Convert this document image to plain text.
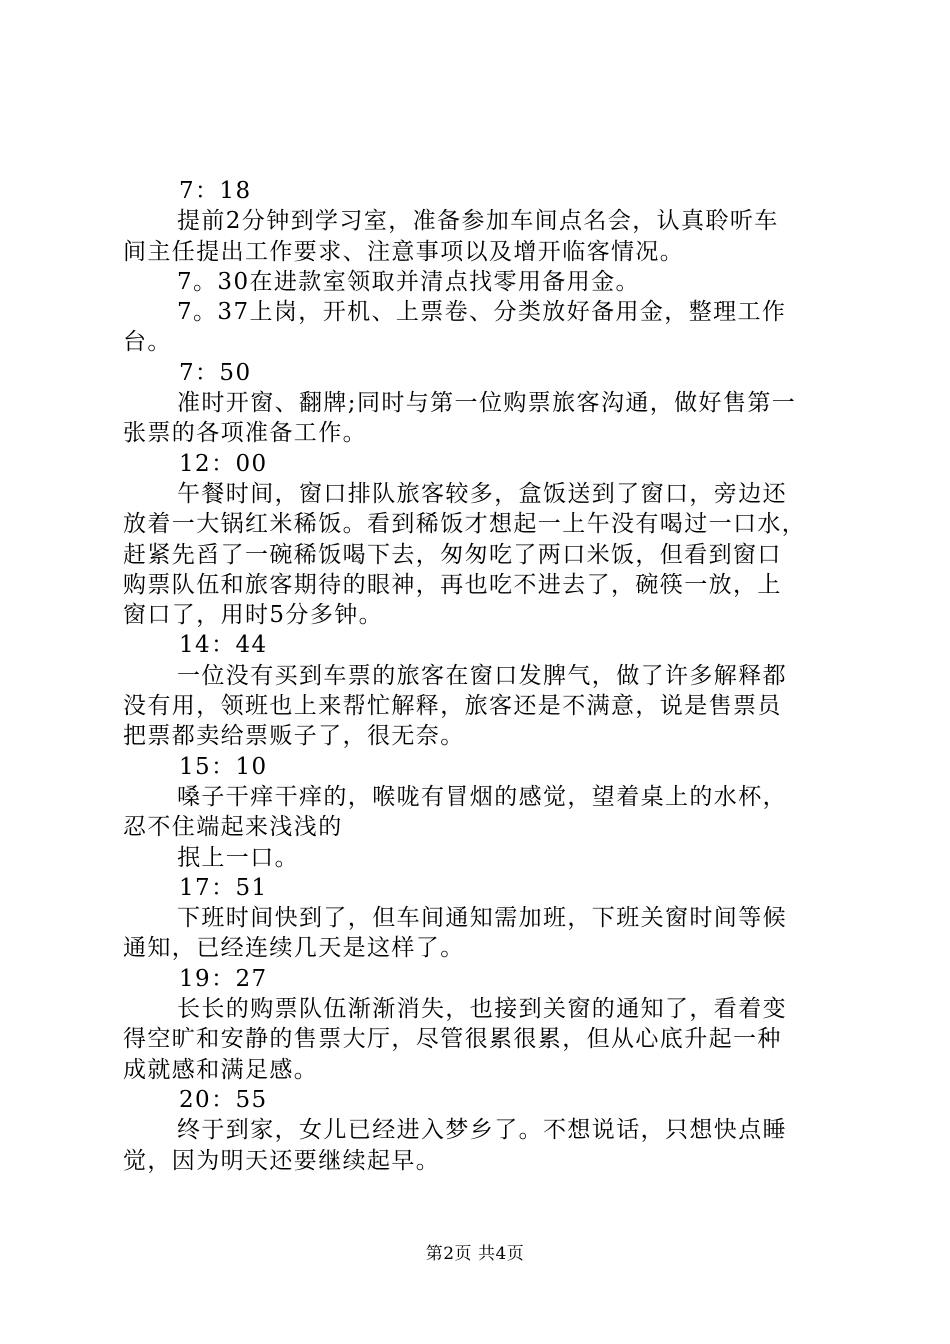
7：18
提前2分钟到学习室，准备参加车间点名会，认真聆听车
间主任提出工作要求、注意事项以及增开临客情况。
7。30在进款室领取并清点找零用备用金。
7。37上岗，开机、上票卷、分类放好备用金，整理工作
台。
7：50
准时开窗、翻牌;同时与第一位购票旅客沟通，做好售第一
张票的各项准备工作。
12：00
午餐时间，窗口排队旅客较多，盒饭送到了窗口，旁边还
放着一大锅红米稀饭。看到稀饭才想起一上午没有喝过一口水，
赶紧先舀了一碗稀饭喝下去，匆匆吃了两口米饭，但看到窗口
购票队伍和旅客期待的眼神，再也吃不进去了，碗筷一放，上
窗口了，用时5分多钟。
14：44
一位没有买到车票的旅客在窗口发脾气，做了许多解释都
没有用，领班也上来帮忙解释，旅客还是不满意，说是售票员
把票都卖给票贩子了，很无奈。
15：10
嗓子干痒干痒的，喉咙有冒烟的感觉，望着桌上的水杯，
忍不住端起来浅浅的
抿上一口。
17：51
下班时间快到了，但车间通知需加班，下班关窗时间等候
通知，已经连续几天是这样了。
19：27
长长的购票队伍渐渐消失，也接到关窗的通知了，看着变
得空旷和安静的售票大厅，尽管很累很累，但从心底升起一种
成就感和满足感。
20：55
终于到家，女儿已经进入梦乡了。不想说话，只想快点睡
觉，因为明天还要继续起早。
第2页 共4页
